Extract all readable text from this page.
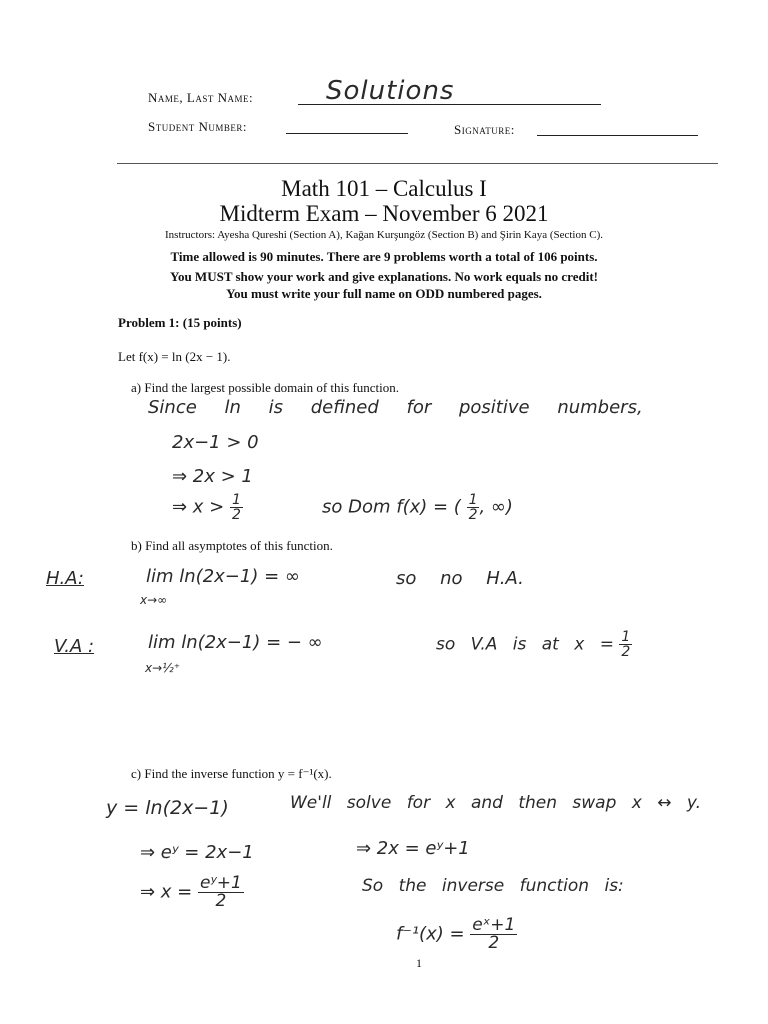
Name, Last Name:	Solutions
Student Number:	Signature:
Math 101 – Calculus I
Midterm Exam – November 6 2021
Instructors: Ayesha Qureshi (Section A), Kağan Kurşungöz (Section B) and Şirin Kaya (Section C).
Time allowed is 90 minutes. There are 9 problems worth a total of 106 points.
You MUST show your work and give explanations. No work equals no credit!
You must write your full name on ODD numbered pages.
Problem 1: (15 points)
Let f(x) = ln (2x − 1).
a) Find the largest possible domain of this function.
Since ln is defined for positive numbers,
2x−1 > 0
⇒ 2x > 1
⇒ $x > \frac{1}{2}$	so Dom f(x) = ( $\frac{1}{2}$ , ∞)
b) Find all asymptotes of this function.
H.A:	lim ln(2x−1) = ∞
x→∞
so no H.A.
V.A :	lim ln(2x−1) = − ∞
x→½⁺
so V.A is at $x = \frac{1}{2}$
c) Find the inverse function y = f⁻¹(x).
y = ln(2x−1)	We'll solve for x and then swap x ↔ y.
⇒ eʸ = 2x−1	⇒ 2x = eʸ+1
⇒ $x = \frac{\text{eʸ+1}}{2}$	So the inverse function is:
$f^{-1}(x) = \frac{\text{eˣ+1}}{2}$
1
